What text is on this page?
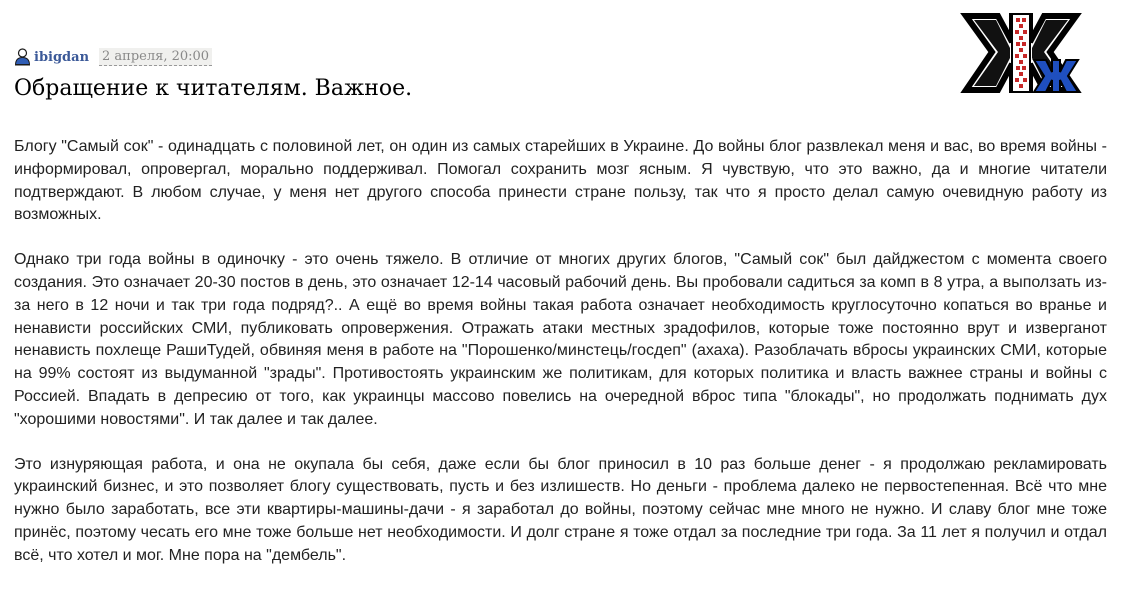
ibigdan 2 апреля, 20:00
Обращение к читателям. Важное.

Блогу "Самый сок" - одинадцать с половиной лет, он один из самых старейших в Украине. До войны блог развлекал меня и вас, во время войны - информировал, опровергал, морально поддерживал. Помогал сохранить мозг ясным. Я чувствую, что это важно, да и многие читатели подтверждают. В любом случае, у меня нет другого способа принести стране пользу, так что я просто делал самую очевидную работу из возможных.

Однако три года войны в одиночку - это очень тяжело. В отличие от многих других блогов, "Самый сок" был дайджестом с момента своего создания. Это означает 20-30 постов в день, это означает 12-14 часовый рабочий день. Вы пробовали садиться за комп в 8 утра, а выползать из-за него в 12 ночи и так три года подряд?.. А ещё во время войны такая работа означает необходимость круглосуточно копаться во вранье и ненависти российских СМИ, публиковать опровержения. Отражать атаки местных зрадофилов, которые тоже постоянно врут и изверганот ненависть похлеще РашиТудей, обвиняя меня в работе на "Порошенко/минстець/госдеп" (ахаха). Разоблачать вбросы украинских СМИ, которые на 99% состоят из выдуманной "зрады". Противостоять украинским же политикам, для которых политика и власть важнее страны и войны с Россией. Впадать в депресию от того, как украинцы массово повелись на очередной вброс типа "блокады", но продолжать поднимать дух "хорошими новостями". И так далее и так далее.

Это изнуряющая работа, и она не окупала бы себя, даже если бы блог приносил в 10 раз больше денег - я продолжаю рекламировать украинский бизнес, и это позволяет блогу существовать, пусть и без излишеств. Но деньги - проблема далеко не первостепенная. Всё что мне нужно было заработать, все эти квартиры-машины-дачи - я заработал до войны, поэтому сейчас мне много не нужно. И славу блог мне тоже принёс, поэтому чесать его мне тоже больше нет необходимости. И долг стране я тоже отдал за последние три года. За 11 лет я получил и отдал всё, что хотел и мог. Мне пора на "дембель".
